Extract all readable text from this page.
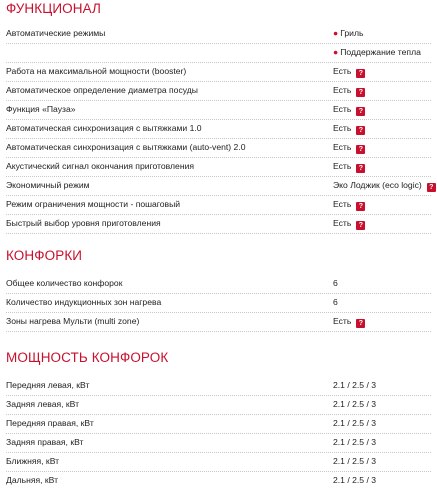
ФУНКЦИОНАЛ
Автоматические режимы	● Гриль
● Поддержание тепла
Работа на максимальной мощности (booster)	Есть ?
Автоматическое определение диаметра посуды	Есть ?
Функция «Пауза»	Есть ?
Автоматическая синхронизация с вытяжками 1.0	Есть ?
Автоматическая синхронизация с вытяжками (auto-vent) 2.0	Есть ?
Акустический сигнал окончания приготовления	Есть ?
Экономичный режим	Эко Лоджик (eco logic) ?
Режим ограничения мощности - пошаговый	Есть ?
Быстрый выбор уровня приготовления	Есть ?
КОНФОРКИ
Общее количество конфорок	6
Количество индукционных зон нагрева	6
Зоны нагрева Мульти (multi zone)	Есть ?
МОЩНОСТЬ КОНФОРОК
Передняя левая, кВт	2.1 / 2.5 / 3
Задняя левая, кВт	2.1 / 2.5 / 3
Передняя правая, кВт	2.1 / 2.5 / 3
Задняя правая, кВт	2.1 / 2.5 / 3
Ближняя, кВт	2.1 / 2.5 / 3
Дальняя, кВт	2.1 / 2.5 / 3
